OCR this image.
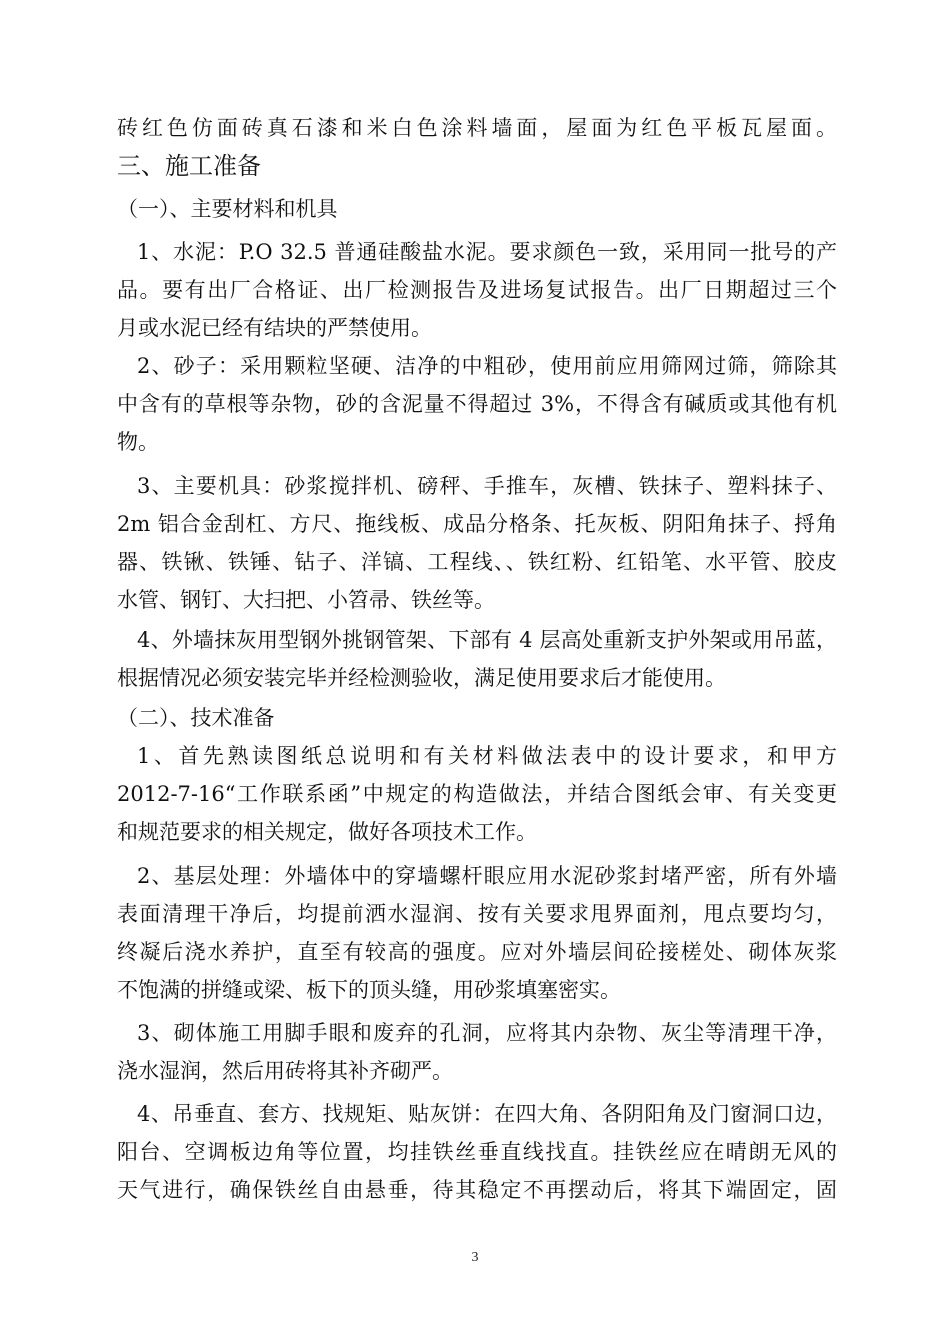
砖红色仿面砖真石漆和米白色涂料墙面，屋面为红色平板瓦屋面。
三、施工准备
（一）、主要材料和机具
1、水泥：P.O 32.5 普通硅酸盐水泥。要求颜色一致，采用同一批号的产
品。要有出厂合格证、出厂检测报告及进场复试报告。出厂日期超过三个
月或水泥已经有结块的严禁使用。
2、砂子：采用颗粒坚硬、洁净的中粗砂，使用前应用筛网过筛，筛除其
中含有的草根等杂物，砂的含泥量不得超过 3%，不得含有碱质或其他有机
物。
3、主要机具：砂浆搅拌机、磅秤、手推车，灰槽、铁抹子、塑料抹子、
2m 铝合金刮杠、方尺、拖线板、成品分格条、托灰板、阴阳角抹子、捋角
器、铁锹、铁锤、钻子、洋镐、工程线、、铁红粉、红铅笔、水平管、胶皮
水管、钢钉、大扫把、小笤帚、铁丝等。
4、外墙抹灰用型钢外挑钢管架、下部有 4 层高处重新支护外架或用吊蓝，
根据情况必须安装完毕并经检测验收，满足使用要求后才能使用。
（二）、技术准备
1、首先熟读图纸总说明和有关材料做法表中的设计要求，和甲方
2012-7-16“工作联系函”中规定的构造做法，并结合图纸会审、有关变更
和规范要求的相关规定，做好各项技术工作。
2、基层处理：外墙体中的穿墙螺杆眼应用水泥砂浆封堵严密，所有外墙
表面清理干净后，均提前洒水湿润、按有关要求甩界面剂，甩点要均匀，
终凝后浇水养护，直至有较高的强度。应对外墙层间砼接槎处、砌体灰浆
不饱满的拼缝或梁、板下的顶头缝，用砂浆填塞密实。
3、砌体施工用脚手眼和废弃的孔洞，应将其内杂物、灰尘等清理干净，
浇水湿润，然后用砖将其补齐砌严。
4、吊垂直、套方、找规矩、贴灰饼：在四大角、各阴阳角及门窗洞口边，
阳台、空调板边角等位置，均挂铁丝垂直线找直。挂铁丝应在晴朗无风的
天气进行，确保铁丝自由悬垂，待其稳定不再摆动后，将其下端固定，固
3
